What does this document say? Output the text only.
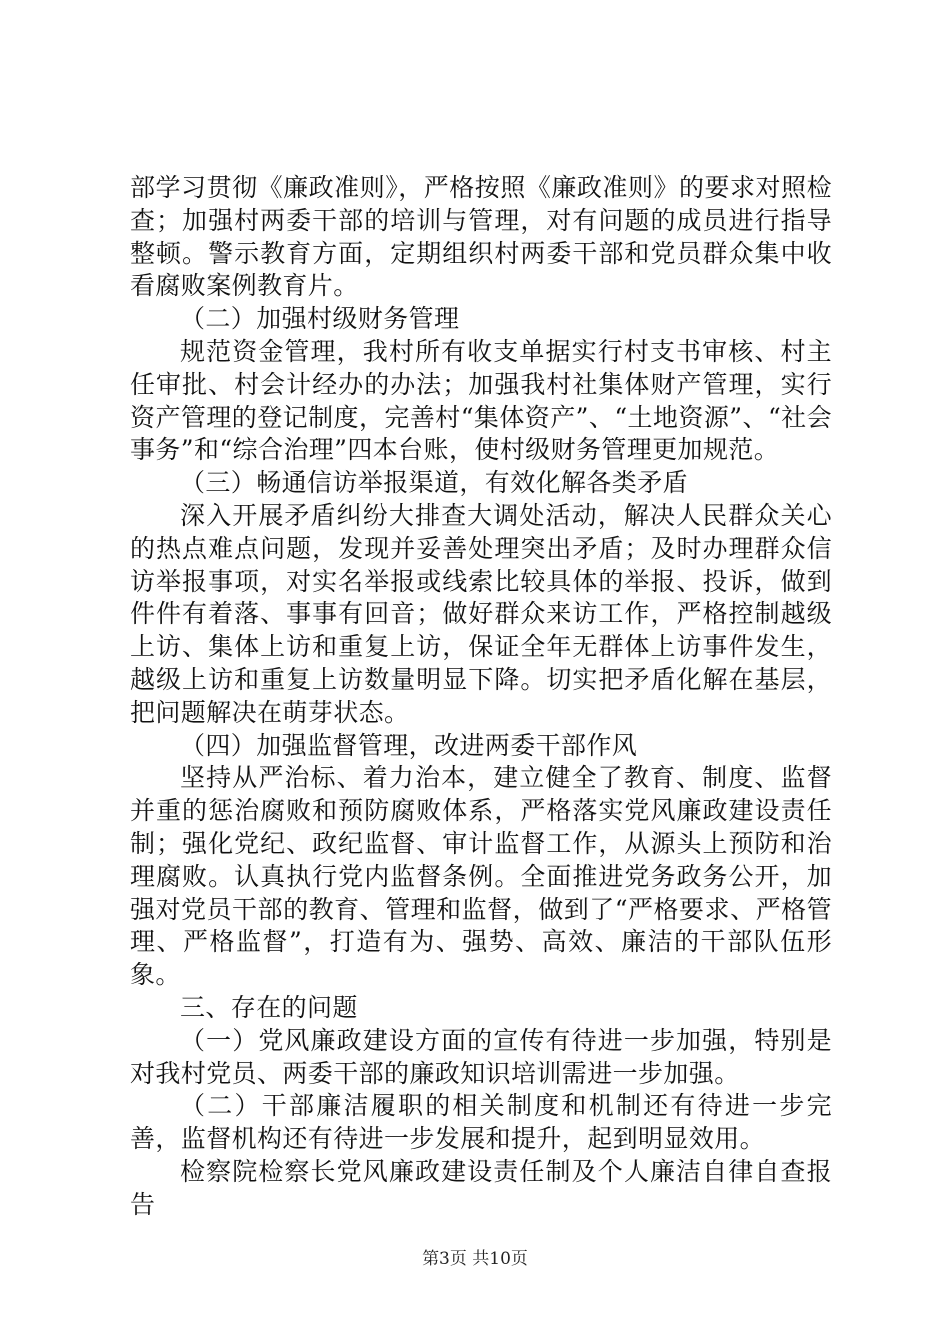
部学习贯彻《廉政准则》，严格按照《廉政准则》的要求对照检查；加强村两委干部的培训与管理，对有问题的成员进行指导整顿。警示教育方面，定期组织村两委干部和党员群众集中收看腐败案例教育片。

（二）加强村级财务管理

规范资金管理，我村所有收支单据实行村支书审核、村主任审批、村会计经办的办法；加强我村社集体财产管理，实行资产管理的登记制度，完善村“集体资产”、“土地资源”、“社会事务”和“综合治理”四本台账，使村级财务管理更加规范。

（三）畅通信访举报渠道，有效化解各类矛盾

深入开展矛盾纠纷大排查大调处活动，解决人民群众关心的热点难点问题，发现并妥善处理突出矛盾；及时办理群众信访举报事项，对实名举报或线索比较具体的举报、投诉，做到件件有着落、事事有回音；做好群众来访工作，严格控制越级上访、集体上访和重复上访，保证全年无群体上访事件发生，越级上访和重复上访数量明显下降。切实把矛盾化解在基层，把问题解决在萌芽状态。

（四）加强监督管理，改进两委干部作风

坚持从严治标、着力治本，建立健全了教育、制度、监督并重的惩治腐败和预防腐败体系，严格落实党风廉政建设责任制；强化党纪、政纪监督、审计监督工作，从源头上预防和治理腐败。认真执行党内监督条例。全面推进党务政务公开，加强对党员干部的教育、管理和监督，做到了“严格要求、严格管理、严格监督”，打造有为、强势、高效、廉洁的干部队伍形象。

三、存在的问题

（一）党风廉政建设方面的宣传有待进一步加强，特别是对我村党员、两委干部的廉政知识培训需进一步加强。

（二）干部廉洁履职的相关制度和机制还有待进一步完善，监督机构还有待进一步发展和提升，起到明显效用。

检察院检察长党风廉政建设责任制及个人廉洁自律自查报告

第3页 共10页
